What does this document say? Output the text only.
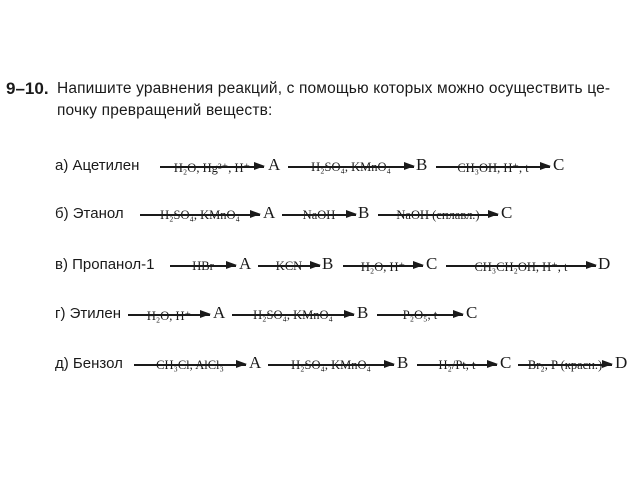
9–10. Напишите уравнения реакций, с помощью которых можно осуществить це-
почку превращений веществ:
а) Ацетилен	H₂O, Hg²⁺, H⁺	A	H₂SO₄, KMnO₄	B	CH₃OH, H⁺, t	C
б) Этанол	H₂SO₄, KMnO₄	A	NaOH	B	NaOH (сплавл.)	C
в) Пропанол-1	HBr	A	KCN	B	H₂O, H⁺	C	CH₃CH₂OH, H⁺, t	D
г) Этилен	H₂O, H⁺	A	H₂SO₄, KMnO₄	B	P₂O₅, t	C
д) Бензол	CH₃Cl, AlCl₃	A	H₂SO₄, KMnO₄	B	H₂/Pt, t	C	Br₂, P (красн.) D
